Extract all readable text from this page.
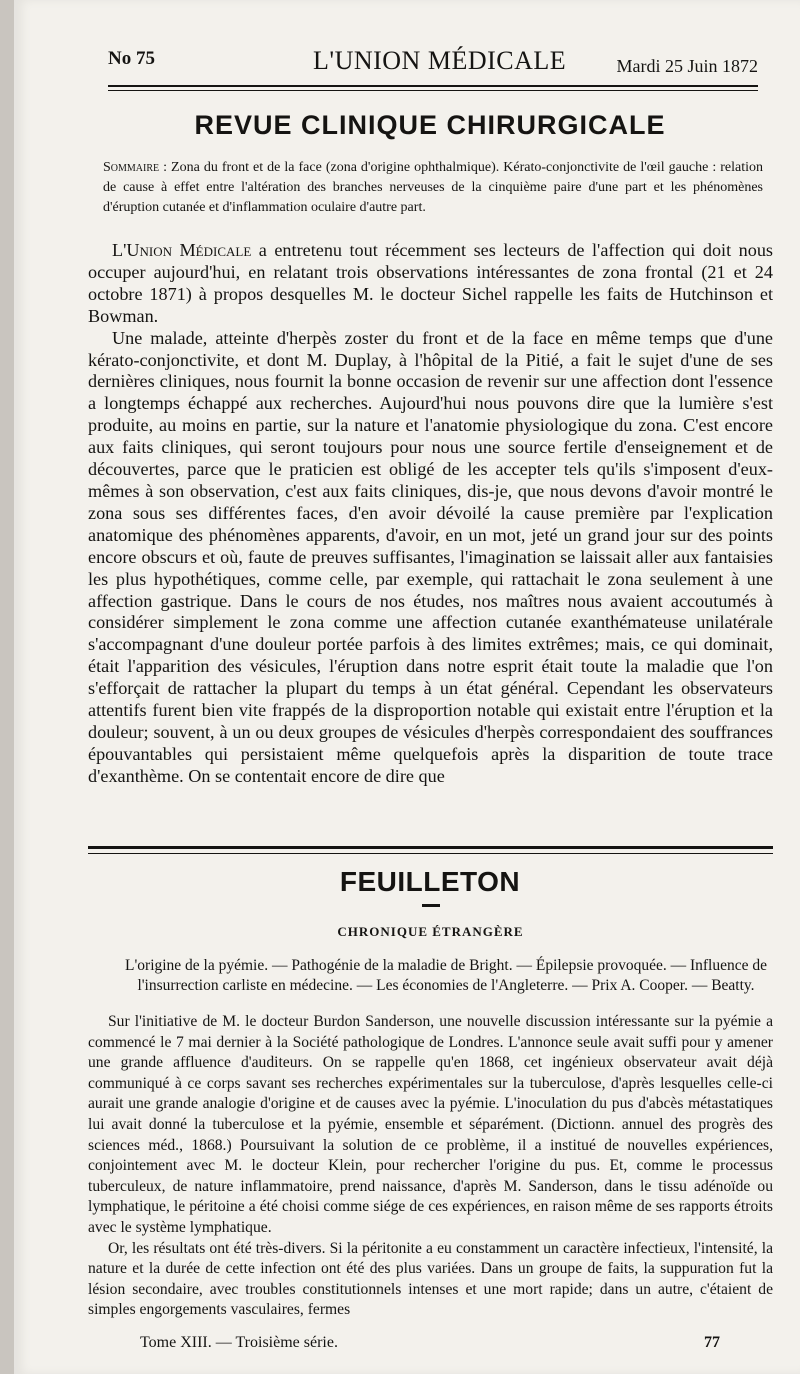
No 75	L'UNION MÉDICALE	Mardi 25 Juin 1872
REVUE CLINIQUE CHIRURGICALE
Sommaire : Zona du front et de la face (zona d'origine ophthalmique). Kérato-conjonctivite de l'œil gauche : relation de cause à effet entre l'altération des branches nerveuses de la cinquième paire d'une part et les phénomènes d'éruption cutanée et d'inflammation oculaire d'autre part.

L'Union Médicale a entretenu tout récemment ses lecteurs de l'affection qui doit nous occuper aujourd'hui, en relatant trois observations intéressantes de zona frontal (21 et 24 octobre 1871) à propos desquelles M. le docteur Sichel rappelle les faits de Hutchinson et Bowman.

Une malade, atteinte d'herpès zoster du front et de la face en même temps que d'une kérato-conjonctivite, et dont M. Duplay, à l'hôpital de la Pitié, a fait le sujet d'une de ses dernières cliniques, nous fournit la bonne occasion de revenir sur une affection dont l'essence a longtemps échappé aux recherches. Aujourd'hui nous pouvons dire que la lumière s'est produite, au moins en partie, sur la nature et l'anatomie physiologique du zona. C'est encore aux faits cliniques, qui seront toujours pour nous une source fertile d'enseignement et de découvertes, parce que le praticien est obligé de les accepter tels qu'ils s'imposent d'eux-mêmes à son observation, c'est aux faits cliniques, dis-je, que nous devons d'avoir montré le zona sous ses différentes faces, d'en avoir dévoilé la cause première par l'explication anatomique des phénomènes apparents, d'avoir, en un mot, jeté un grand jour sur des points encore obscurs et où, faute de preuves suffisantes, l'imagination se laissait aller aux fantaisies les plus hypothétiques, comme celle, par exemple, qui rattachait le zona seulement à une affection gastrique. Dans le cours de nos études, nos maîtres nous avaient accoutumés à considérer simplement le zona comme une affection cutanée exanthémateuse unilatérale s'accompagnant d'une douleur portée parfois à des limites extrêmes; mais, ce qui dominait, était l'apparition des vésicules, l'éruption dans notre esprit était toute la maladie que l'on s'efforçait de rattacher la plupart du temps à un état général. Cependant les observateurs attentifs furent bien vite frappés de la disproportion notable qui existait entre l'éruption et la douleur; souvent, à un ou deux groupes de vésicules d'herpès correspondaient des souffrances épouvantables qui persistaient même quelquefois après la disparition de toute trace d'exanthème. On se contentait encore de dire que

FEUILLETON
CHRONIQUE ÉTRANGÈRE
L'origine de la pyémie. — Pathogénie de la maladie de Bright. — Épilepsie provoquée. — Influence de l'insurrection carliste en médecine. — Les économies de l'Angleterre. — Prix A. Cooper. — Beatty.

Sur l'initiative de M. le docteur Burdon Sanderson, une nouvelle discussion intéressante sur la pyémie a commencé le 7 mai dernier à la Société pathologique de Londres. L'annonce seule avait suffi pour y amener une grande affluence d'auditeurs. On se rappelle qu'en 1868, cet ingénieux observateur avait déjà communiqué à ce corps savant ses recherches expérimentales sur la tuberculose, d'après lesquelles celle-ci aurait une grande analogie d'origine et de causes avec la pyémie. L'inoculation du pus d'abcès métastatiques lui avait donné la tuberculose et la pyémie, ensemble et séparément. (Dictionn. annuel des progrès des sciences méd., 1868.) Poursuivant la solution de ce problème, il a institué de nouvelles expériences, conjointement avec M. le docteur Klein, pour rechercher l'origine du pus. Et, comme le processus tuberculeux, de nature inflammatoire, prend naissance, d'après M. Sanderson, dans le tissu adénoïde ou lymphatique, le péritoine a été choisi comme siége de ces expériences, en raison même de ses rapports étroits avec le système lymphatique.

Or, les résultats ont été très-divers. Si la péritonite a eu constamment un caractère infectieux, l'intensité, la nature et la durée de cette infection ont été des plus variées. Dans un groupe de faits, la suppuration fut la lésion secondaire, avec troubles constitutionnels intenses et une mort rapide; dans un autre, c'étaient de simples engorgements vasculaires, fermes

Tome XIII. — Troisième série.	77
